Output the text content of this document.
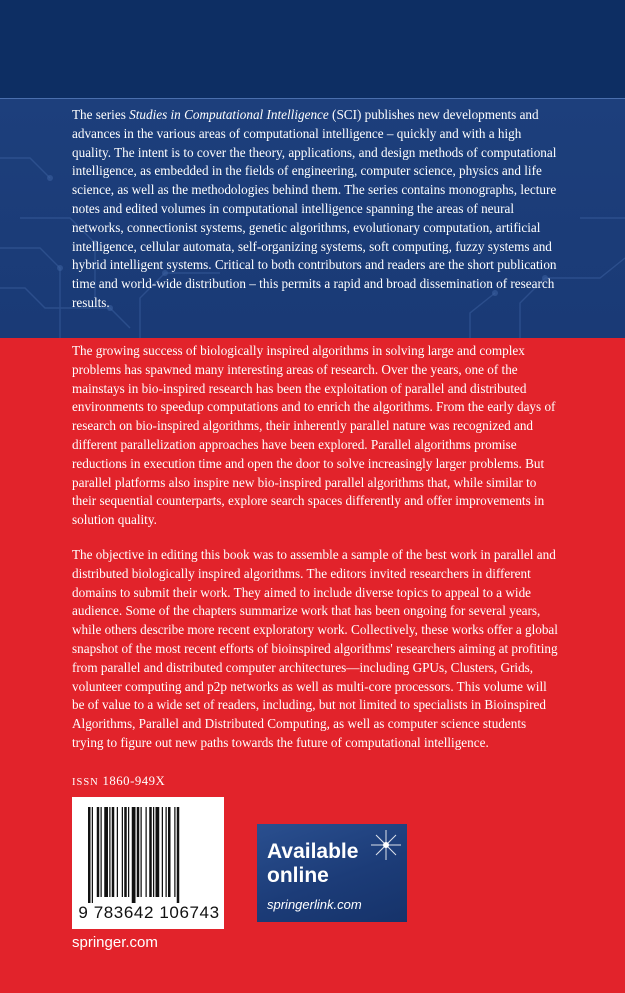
The series Studies in Computational Intelligence (SCI) publishes new developments and advances in the various areas of computational intelligence – quickly and with a high quality. The intent is to cover the theory, applications, and design methods of computational intelligence, as embedded in the fields of engineering, computer science, physics and life science, as well as the methodologies behind them. The series contains monographs, lecture notes and edited volumes in computational intelligence spanning the areas of neural networks, connectionist systems, genetic algorithms, evolutionary computation, artificial intelligence, cellular automata, self-organizing systems, soft computing, fuzzy systems and hybrid intelligent systems. Critical to both contributors and readers are the short publication time and world-wide distribution – this permits a rapid and broad dissemination of research results.

The growing success of biologically inspired algorithms in solving large and complex problems has spawned many interesting areas of research. Over the years, one of the mainstays in bio-inspired research has been the exploitation of parallel and distributed environments to speedup computations and to enrich the algorithms. From the early days of research on bio-inspired algorithms, their inherently parallel nature was recognized and different parallelization approaches have been explored. Parallel algorithms promise reductions in execution time and open the door to solve increasingly larger problems. But parallel platforms also inspire new bio-inspired parallel algorithms that, while similar to their sequential counterparts, explore search spaces differently and offer improvements in solution quality.

The objective in editing this book was to assemble a sample of the best work in parallel and distributed biologically inspired algorithms. The editors invited researchers in different domains to submit their work. They aimed to include diverse topics to appeal to a wide audience. Some of the chapters summarize work that has been ongoing for several years, while others describe more recent exploratory work. Collectively, these works offer a global snapshot of the most recent efforts of bioinspired algorithms' researchers aiming at profiting from parallel and distributed computer architectures—including GPUs, Clusters, Grids, volunteer computing and p2p networks as well as multi-core processors. This volume will be of value to a wide set of readers, including, but not limited to specialists in Bioinspired Algorithms, Parallel and Distributed Computing, as well as computer science students trying to figure out new paths towards the future of computational intelligence.

ISSN 1860-949X
9 783642 106743
Available
online
springerlink.com
springer.com
